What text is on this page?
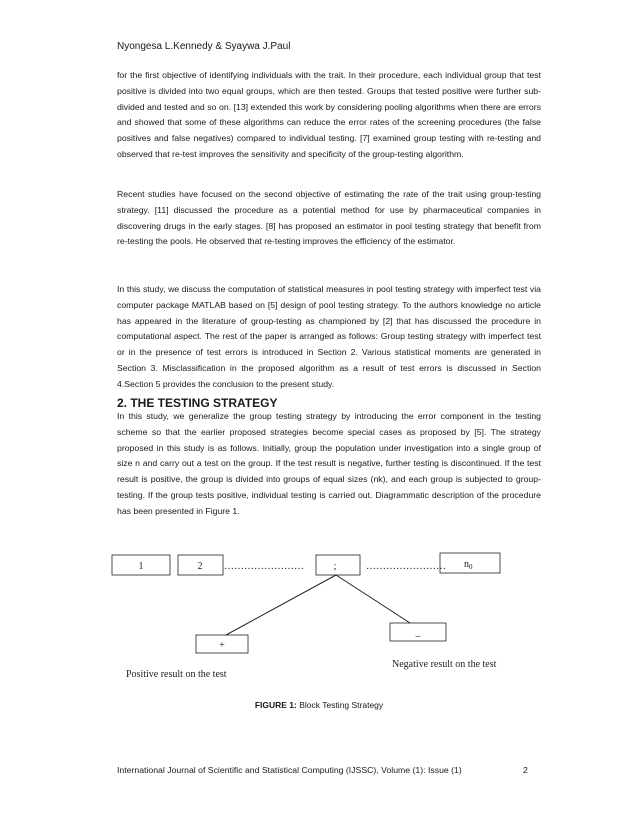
Nyongesa L.Kennedy & Syaywa J.Paul

for the first objective of identifying individuals with the trait. In their procedure, each individual group that test positive is divided into two equal groups, which are then tested. Groups that tested positive were further sub-divided and tested and so on. [13] extended this work by considering pooling algorithms when there are errors and showed that some of these algorithms can reduce the error rates of the screening procedures (the false positives and false negatives) compared to individual testing. [7] examined group testing with re-testing and observed that re-test improves the sensitivity and specificity of the group-testing algorithm.

Recent studies have focused on the second objective of estimating the rate of the trait using group-testing strategy. [11] discussed the procedure as a potential method for use by pharmaceutical companies in discovering drugs in the early stages. [8] has proposed an estimator in pool testing strategy that benefit from re-testing the pools. He observed that re-testing improves the efficiency of the estimator.

In this study, we discuss the computation of statistical measures in pool testing strategy with imperfect test via computer package MATLAB based on [5] design of pool testing strategy. To the authors knowledge no article has appeared in the literature of group-testing as championed by [2] that has discussed the procedure in computational aspect. The rest of the paper is arranged as follows: Group testing strategy with imperfect test or in the presence of test errors is introduced in Section 2. Various statistical moments are generated in Section 3. Misclassification in the proposed algorithm as a result of test errors is discussed in Section 4.Section 5 provides the conclusion to the present study.

2. THE TESTING STRATEGY

In this study, we generalize the group testing strategy by introducing the error component in the testing scheme so that the earlier proposed strategies become special cases as proposed by [5]. The strategy proposed in this study is as follows. Initially, group the population under investigation into a single group of size n and carry out a test on the group. If the test result is negative, further testing is discontinued. If the test result is positive, the group is divided into groups of equal sizes (nk), and each group is subjected to group-testing. If the group tests positive, individual testing is carried out. Diagrammatic description of the procedure has been presented in Figure 1.

1	2 ……………………	;	…………………… $n_0$
+
_
Positive result on the test
Negative result on the test
FIGURE 1: Block Testing Strategy
International Journal of Scientific and Statistical Computing (IJSSC), Volume (1): Issue (1)	2
